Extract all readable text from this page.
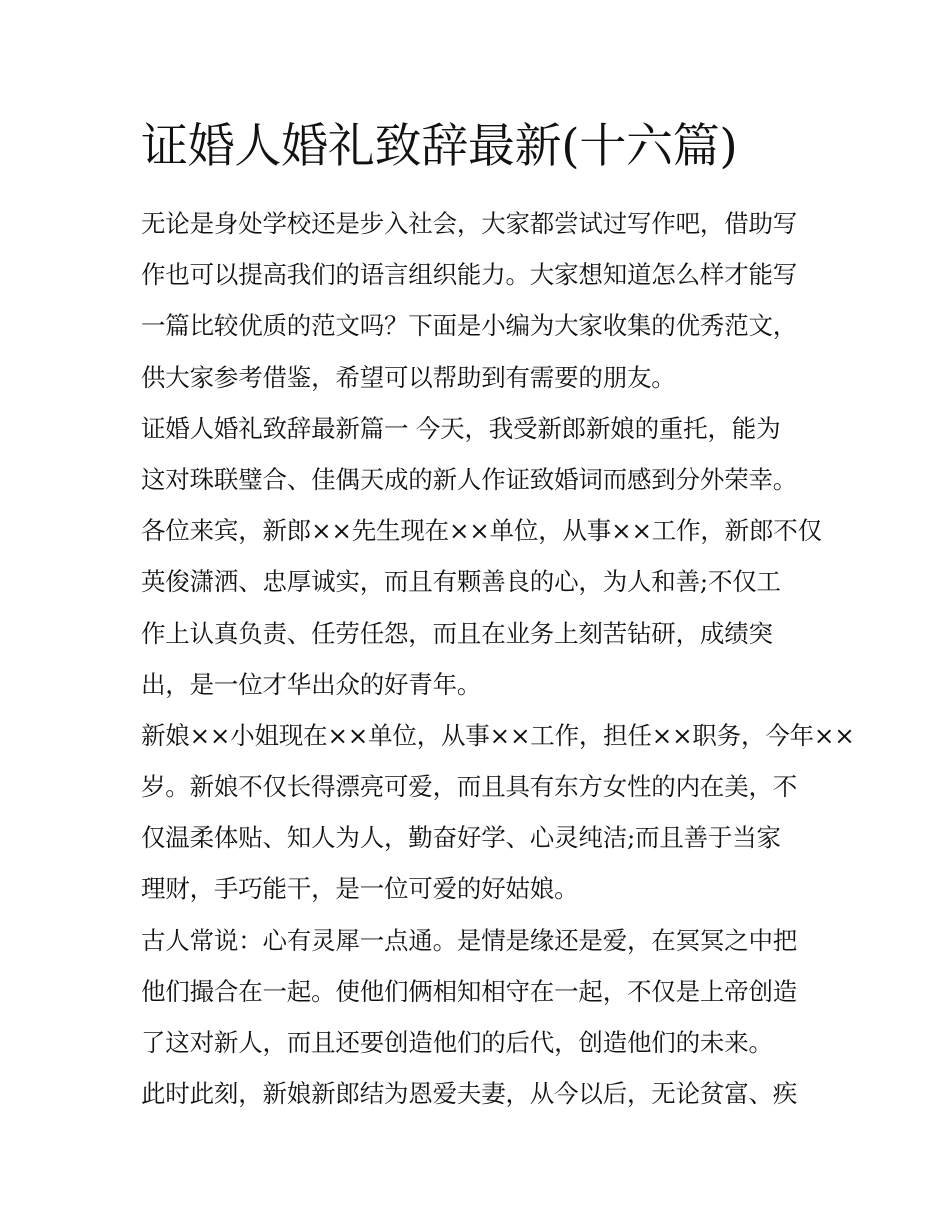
证婚人婚礼致辞最新(十六篇)
无论是身处学校还是步入社会，大家都尝试过写作吧，借助写
作也可以提高我们的语言组织能力。大家想知道怎么样才能写
一篇比较优质的范文吗？下面是小编为大家收集的优秀范文，
供大家参考借鉴，希望可以帮助到有需要的朋友。
证婚人婚礼致辞最新篇一 今天，我受新郎新娘的重托，能为
这对珠联璧合、佳偶天成的新人作证致婚词而感到分外荣幸。
各位来宾，新郎××先生现在××单位，从事××工作，新郎不仅
英俊潇洒、忠厚诚实，而且有颗善良的心，为人和善;不仅工
作上认真负责、任劳任怨，而且在业务上刻苦钻研，成绩突
出，是一位才华出众的好青年。
新娘××小姐现在××单位，从事××工作，担任××职务，今年××
岁。新娘不仅长得漂亮可爱，而且具有东方女性的内在美，不
仅温柔体贴、知人为人，勤奋好学、心灵纯洁;而且善于当家
理财，手巧能干，是一位可爱的好姑娘。
古人常说：心有灵犀一点通。是情是缘还是爱，在冥冥之中把
他们撮合在一起。使他们俩相知相守在一起，不仅是上帝创造
了这对新人，而且还要创造他们的后代，创造他们的未来。
此时此刻，新娘新郎结为恩爱夫妻，从今以后，无论贫富、疾
